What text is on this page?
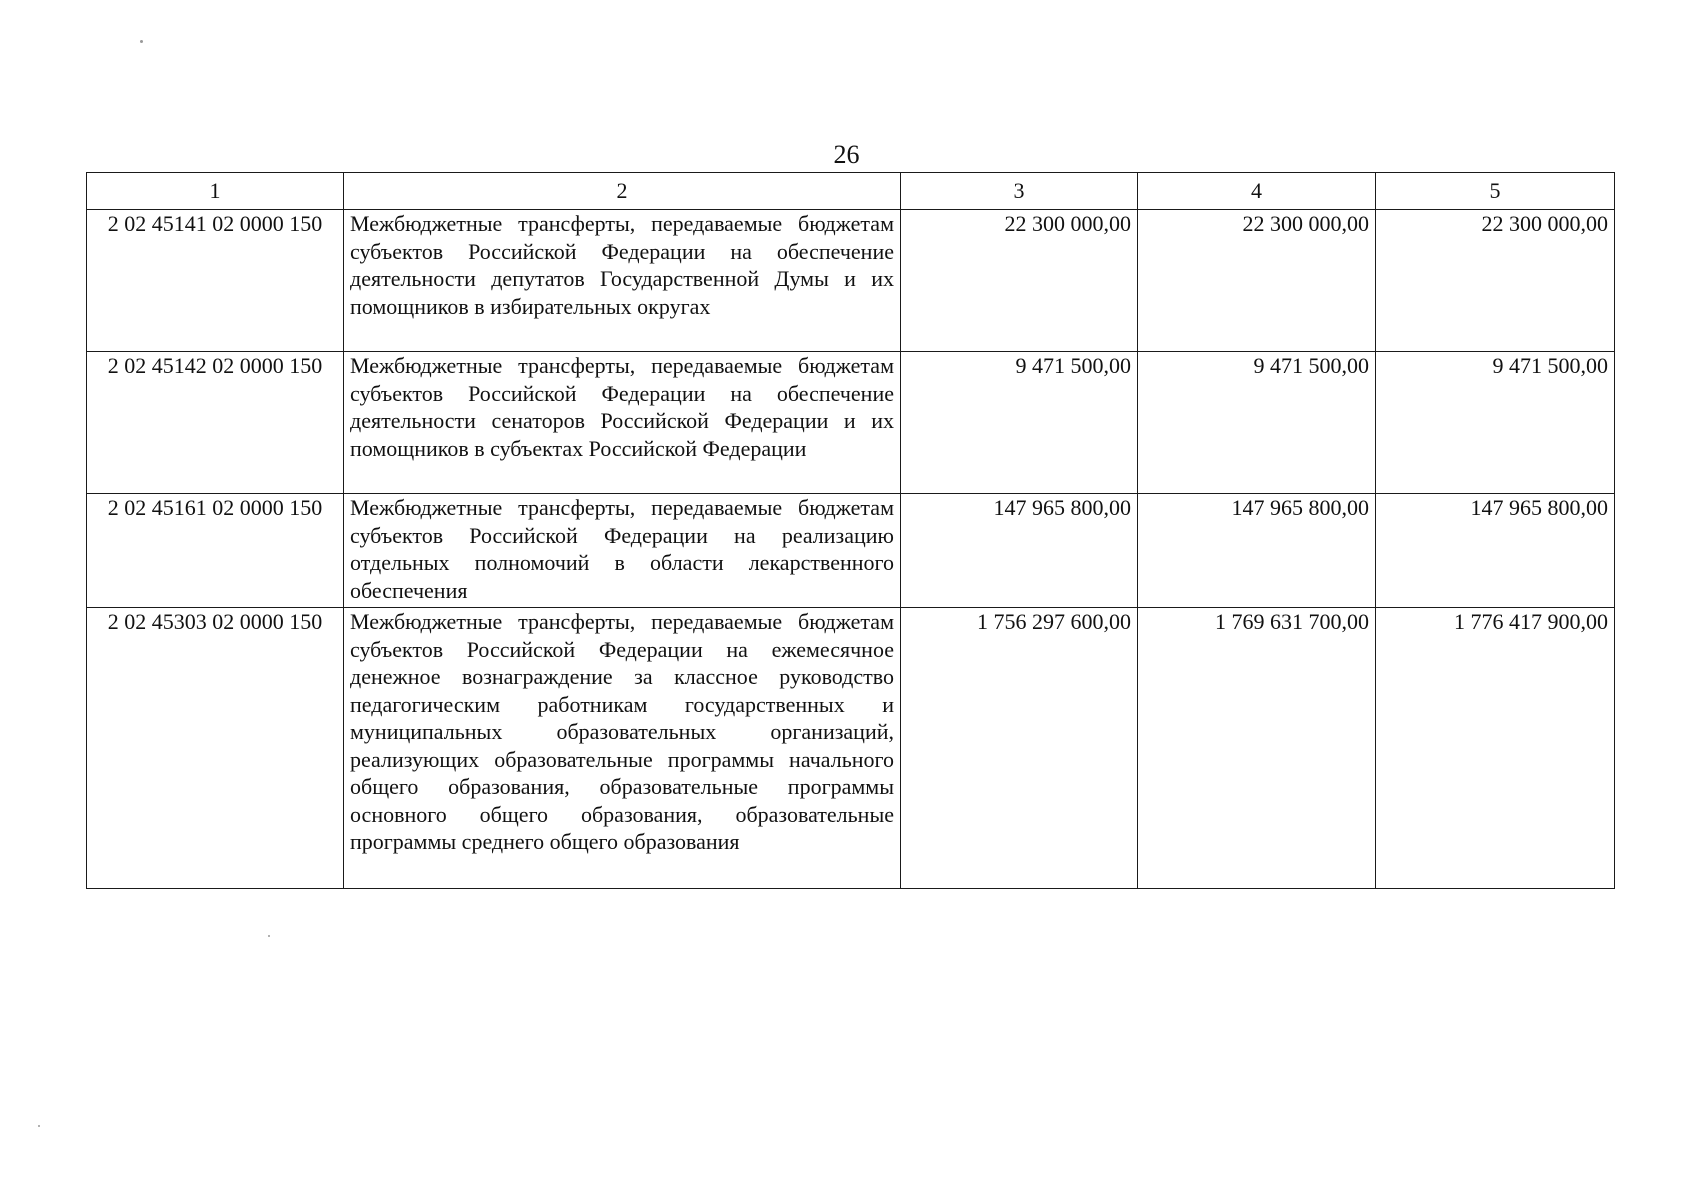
26
1	2	3	4	5
2 02 45141 02 0000 150	Межбюджетные трансферты, передаваемые бюджетам субъектов Российской Федерации на обеспечение деятельности депутатов Государственной Думы и их помощников в избирательных округах	22 300 000,00	22 300 000,00	22 300 000,00
2 02 45142 02 0000 150	Межбюджетные трансферты, передаваемые бюджетам субъектов Российской Федерации на обеспечение деятельности сенаторов Российской Федерации и их помощников в субъектах Российской Федерации	9 471 500,00	9 471 500,00	9 471 500,00
2 02 45161 02 0000 150	Межбюджетные трансферты, передаваемые бюджетам субъектов Российской Федерации на реализацию отдельных полномочий в области лекарственного обеспечения	147 965 800,00	147 965 800,00	147 965 800,00
2 02 45303 02 0000 150	Межбюджетные трансферты, передаваемые бюджетам субъектов Российской Федерации на ежемесячное денежное вознаграждение за классное руководство педагогическим работникам государственных и муниципальных образовательных организаций, реализующих образовательные программы начального общего образования, образовательные программы основного общего образования, образовательные программы среднего общего образования	1 756 297 600,00	1 769 631 700,00	1 776 417 900,00
